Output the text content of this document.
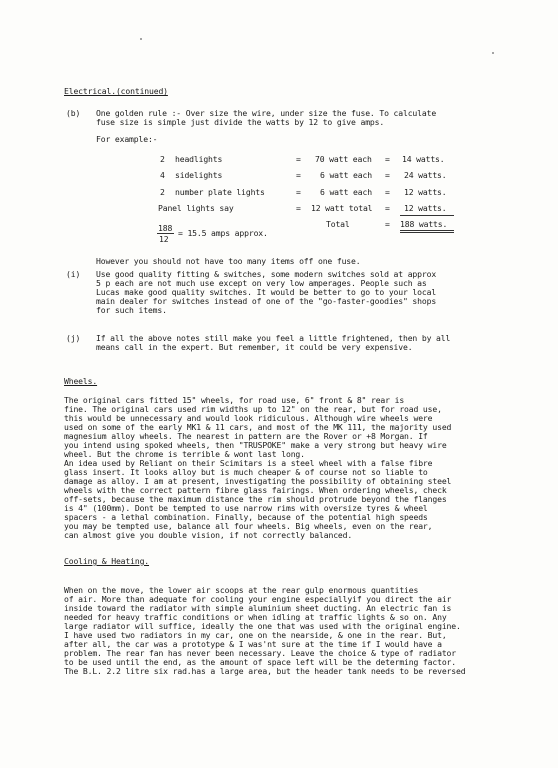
Electrical.(continued)
(b) One golden rule :- Over size the wire, under size the fuse. To calculate
fuse size is simple just divide the watts by 12 to give amps.
For example:-
2 headlights	= 70 watt each = 14 watts.
4 sidelights	= 6 watt each = 24 watts.
2 number plate lights	= 6 watt each = 12 watts.
Panel lights say	= 12 watt total = 12 watts.
Total	= 188 watts.
188
12
= 15.5 amps approx.
However you should not have too many items off one fuse.
(i) Use good quality fitting & switches, some modern switches sold at approx
5 p each are not much use except on very low amperages. People such as
Lucas make good quality switches. It would be better to go to your local
main dealer for switches instead of one of the "go-faster-goodies" shops
for such items.
(j) If all the above notes still make you feel a little frightened, then by all
means call in the expert. But remember, it could be very expensive.
Wheels.
The original cars fitted 15" wheels, for road use, 6" front & 8" rear is
fine. The original cars used rim widths up to 12" on the rear, but for road use,
this would be unnecessary and would look ridiculous. Although wire wheels were
used on some of the early MK1 & 11 cars, and most of the MK 111, the majority used
magnesium alloy wheels. The nearest in pattern are the Rover or +8 Morgan. If
you intend using spoked wheels, then "TRUSPOKE" make a very strong but heavy wire
wheel. But the chrome is terrible & wont last long.
An idea used by Reliant on their Scimitars is a steel wheel with a false fibre
glass insert. It looks alloy but is much cheaper & of course not so liable to
damage as alloy. I am at present, investigating the possibility of obtaining steel
wheels with the correct pattern fibre glass fairings. When ordering wheels, check
off-sets, because the maximum distance the rim should protrude beyond the flanges
is 4" (100mm). Dont be tempted to use narrow rims with oversize tyres & wheel
spacers - a lethal combination. Finally, because of the potential high speeds
you may be tempted use, balance all four wheels. Big wheels, even on the rear,
can almost give you double vision, if not correctly balanced.
Cooling & Heating.
When on the move, the lower air scoops at the rear gulp enormous quantities
of air. More than adequate for cooling your engine especiallyif you direct the air
inside toward the radiator with simple aluminium sheet ducting. An electric fan is
needed for heavy traffic conditions or when idling at traffic lights & so on. Any
large radiator will suffice, ideally the one that was used with the original engine.
I have used two radiators in my car, one on the nearside, & one in the rear. But,
after all, the car was a prototype & I was'nt sure at the time if I would have a
problem. The rear fan has never been necessary. Leave the choice & type of radiator
to be used until the end, as the amount of space left will be the determing factor.
The B.L. 2.2 litre six rad.has a large area, but the header tank needs to be reversed
